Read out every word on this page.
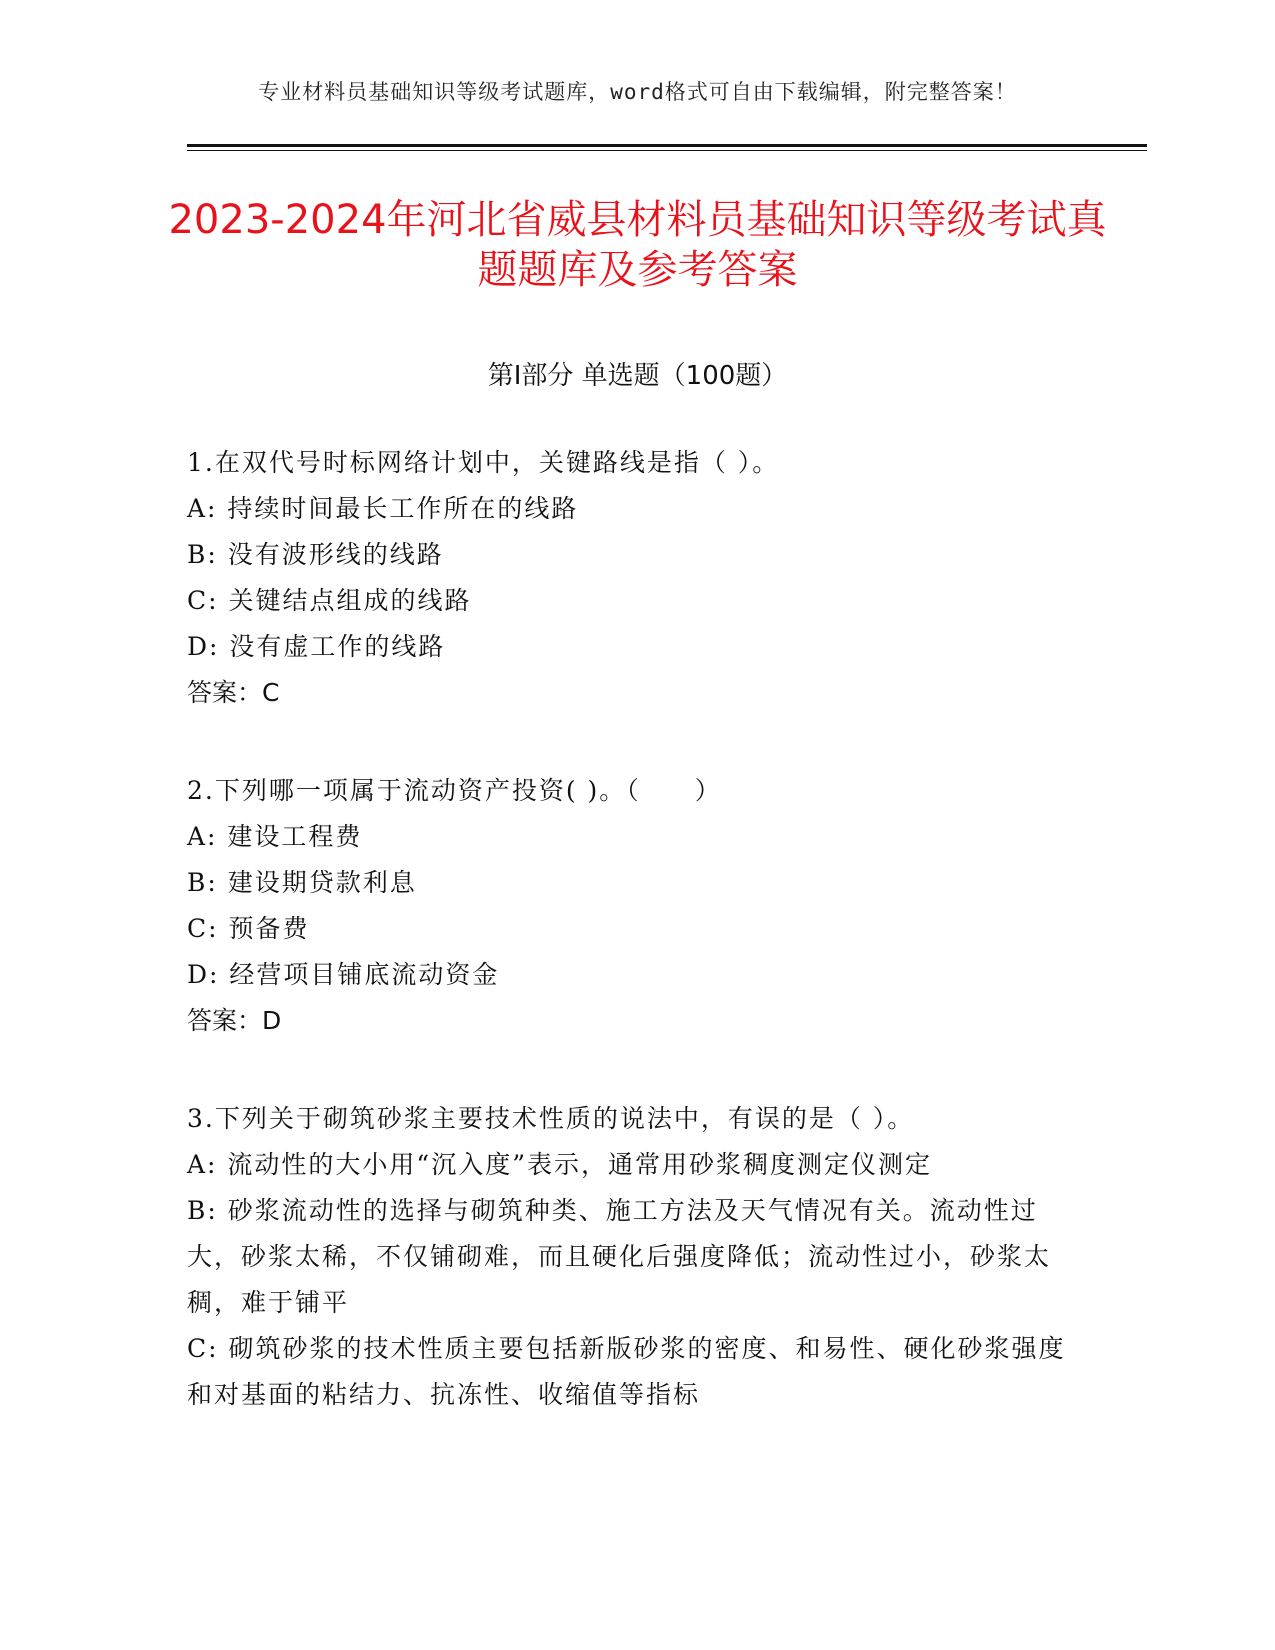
专业材料员基础知识等级考试题库，word格式可自由下载编辑，附完整答案！
2023-2024年河北省威县材料员基础知识等级考试真题题库及参考答案
第Ⅰ部分 单选题（100题）
1.在双代号时标网络计划中，关键路线是指（ ）。
A: 持续时间最长工作所在的线路
B: 没有波形线的线路
C: 关键结点组成的线路
D: 没有虚工作的线路
答案：C
2.下列哪一项属于流动资产投资( )。（　　）
A: 建设工程费
B: 建设期贷款利息
C: 预备费
D: 经营项目铺底流动资金
答案：D
3.下列关于砌筑砂浆主要技术性质的说法中，有误的是（ ）。
A: 流动性的大小用“沉入度”表示，通常用砂浆稠度测定仪测定
B: 砂浆流动性的选择与砌筑种类、施工方法及天气情况有关。流动性过大，砂浆太稀，不仅铺砌难，而且硬化后强度降低；流动性过小，砂浆太稠，难于铺平
C: 砌筑砂浆的技术性质主要包括新版砂浆的密度、和易性、硬化砂浆强度和对基面的粘结力、抗冻性、收缩值等指标
